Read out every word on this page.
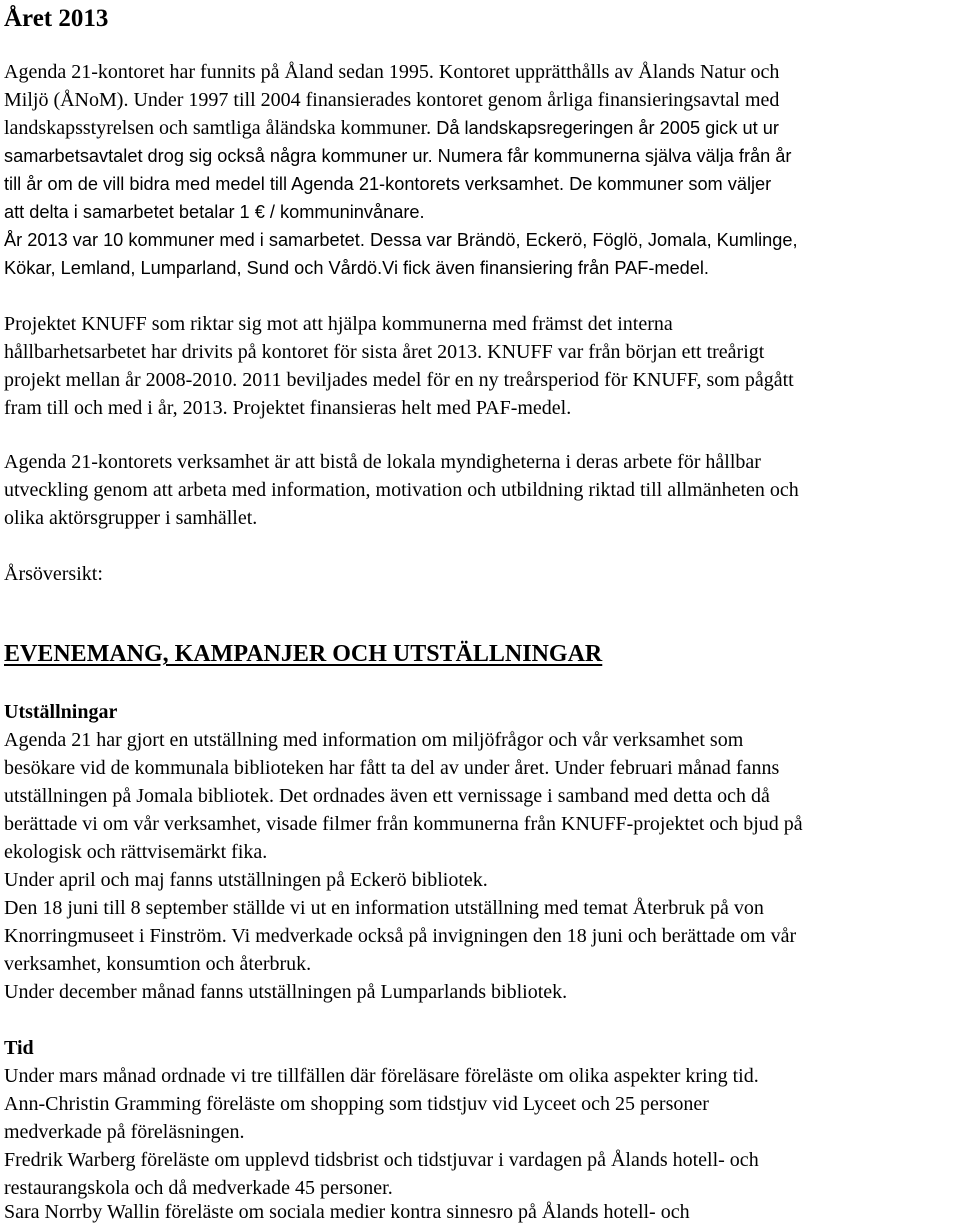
Året 2013
Agenda 21-kontoret har funnits på Åland sedan 1995. Kontoret upprätthålls av Ålands Natur och
Miljö (ÅNoM). Under 1997 till 2004 finansierades kontoret genom årliga finansieringsavtal med
landskapsstyrelsen och samtliga åländska kommuner. Då landskapsregeringen år 2005 gick ut ur
samarbetsavtalet drog sig också några kommuner ur. Numera får kommunerna själva välja från år
till år om de vill bidra med medel till Agenda 21-kontorets verksamhet. De kommuner som väljer
att delta i samarbetet betalar 1 € / kommuninvånare.
År 2013 var 10 kommuner med i samarbetet. Dessa var Brändö, Eckerö, Föglö, Jomala, Kumlinge,
Kökar, Lemland, Lumparland, Sund och Vårdö.Vi fick även finansiering från PAF-medel.
Projektet KNUFF som riktar sig mot att hjälpa kommunerna med främst det interna
hållbarhetsarbetet har drivits på kontoret för sista året 2013. KNUFF var från början ett treårigt
projekt mellan år 2008-2010. 2011 beviljades medel för en ny treårsperiod för KNUFF, som pågått
fram till och med i år, 2013. Projektet finansieras helt med PAF-medel.
Agenda 21-kontorets verksamhet är att bistå de lokala myndigheterna i deras arbete för hållbar
utveckling genom att arbeta med information, motivation och utbildning riktad till allmänheten och
olika aktörsgrupper i samhället.
Årsöversikt:
EVENEMANG, KAMPANJER OCH UTSTÄLLNINGAR
Utställningar
Agenda 21 har gjort en utställning med information om miljöfrågor och vår verksamhet som
besökare vid de kommunala biblioteken har fått ta del av under året. Under februari månad fanns
utställningen på Jomala bibliotek. Det ordnades även ett vernissage i samband med detta och då
berättade vi om vår verksamhet, visade filmer från kommunerna från KNUFF-projektet och bjud på
ekologisk och rättvisemärkt fika.
Under april och maj fanns utställningen på Eckerö bibliotek.
Den 18 juni till 8 september ställde vi ut en information utställning med temat Återbruk på von
Knorringmuseet i Finström. Vi medverkade också på invigningen den 18 juni och berättade om vår
verksamhet, konsumtion och återbruk.
Under december månad fanns utställningen på Lumparlands bibliotek.
Tid
Under mars månad ordnade vi tre tillfällen där föreläsare föreläste om olika aspekter kring tid.
Ann-Christin Gramming föreläste om shopping som tidstjuv vid Lyceet och 25 personer
medverkade på föreläsningen.
Fredrik Warberg föreläste om upplevd tidsbrist och tidstjuvar i vardagen på Ålands hotell- och
restaurangskola och då medverkade 45 personer.
Sara Norrby Wallin föreläste om sociala medier kontra sinnesro på Ålands hotell- och
